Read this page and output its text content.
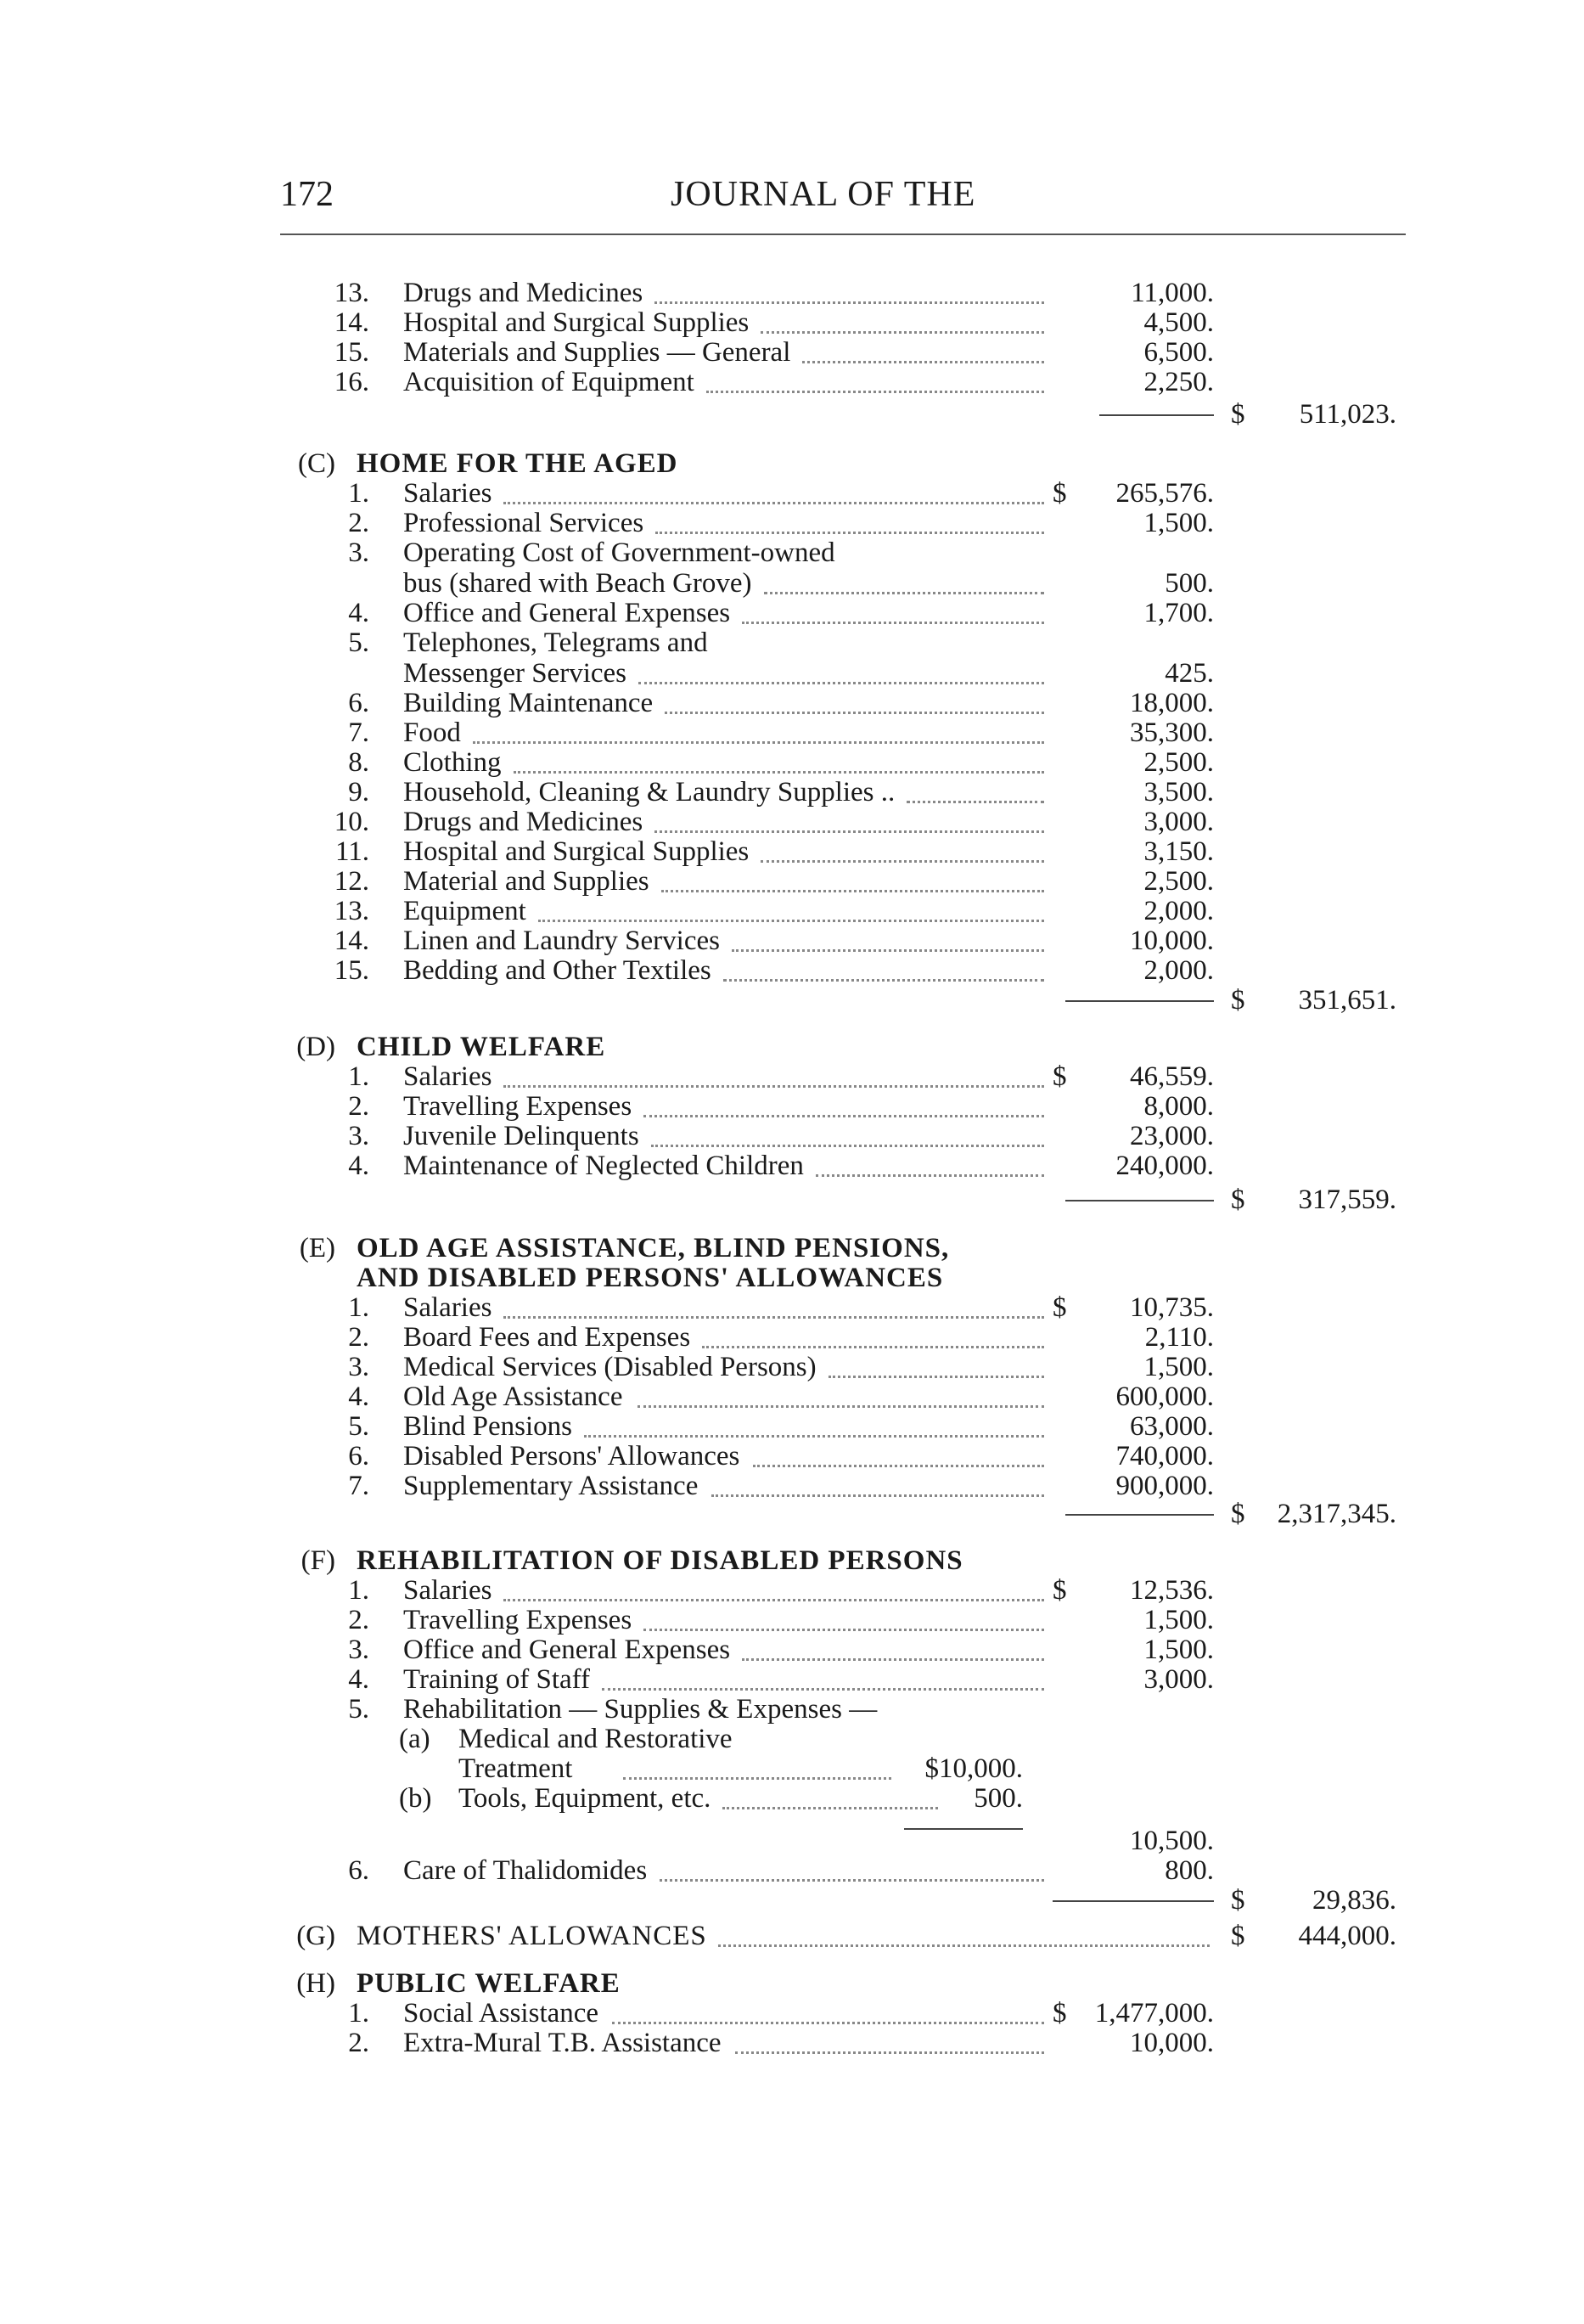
172	JOURNAL OF THE
13. Drugs and Medicines	11,000.
14. Hospital and Surgical Supplies	4,500.
15. Materials and Supplies — General	6,500.
16. Acquisition of Equipment	2,250.
$ 511,023.
(C) HOME FOR THE AGED
1. Salaries	$ 265,576.
2. Professional Services	1,500.
3. Operating Cost of Government-owned
bus (shared with Beach Grove)	500.
4. Office and General Expenses	1,700.
5. Telephones, Telegrams and
Messenger Services	425.
6. Building Maintenance	18,000.
7. Food	35,300.
8. Clothing	2,500.
9. Household, Cleaning & Laundry Supplies ..	3,500.
10. Drugs and Medicines	3,000.
11. Hospital and Surgical Supplies	3,150.
12. Material and Supplies	2,500.
13. Equipment	2,000.
14. Linen and Laundry Services	10,000.
15. Bedding and Other Textiles	2,000.
$ 351,651.
(D) CHILD WELFARE
1. Salaries	$ 46,559.
2. Travelling Expenses	8,000.
3. Juvenile Delinquents	23,000.
4. Maintenance of Neglected Children	240,000.
$ 317,559.
(E) OLD AGE ASSISTANCE, BLIND PENSIONS,
AND DISABLED PERSONS' ALLOWANCES
1. Salaries	$ 10,735.
2. Board Fees and Expenses	2,110.
3. Medical Services (Disabled Persons)	1,500.
4. Old Age Assistance	600,000.
5. Blind Pensions	63,000.
6. Disabled Persons' Allowances	740,000.
7. Supplementary Assistance	900,000.
$ 2,317,345.
(F) REHABILITATION OF DISABLED PERSONS
1. Salaries	$ 12,536.
2. Travelling Expenses	1,500.
3. Office and General Expenses	1,500.
4. Training of Staff	3,000.
5. Rehabilitation — Supplies & Expenses —
(a) Medical and Restorative
Treatment	$10,000.
(b) Tools, Equipment, etc.	500.
10,500.
6. Care of Thalidomides	800.
$ 29,836.
(G) MOTHERS' ALLOWANCES	$ 444,000.
(H) PUBLIC WELFARE
1. Social Assistance	$ 1,477,000.
2. Extra-Mural T.B. Assistance	10,000.
